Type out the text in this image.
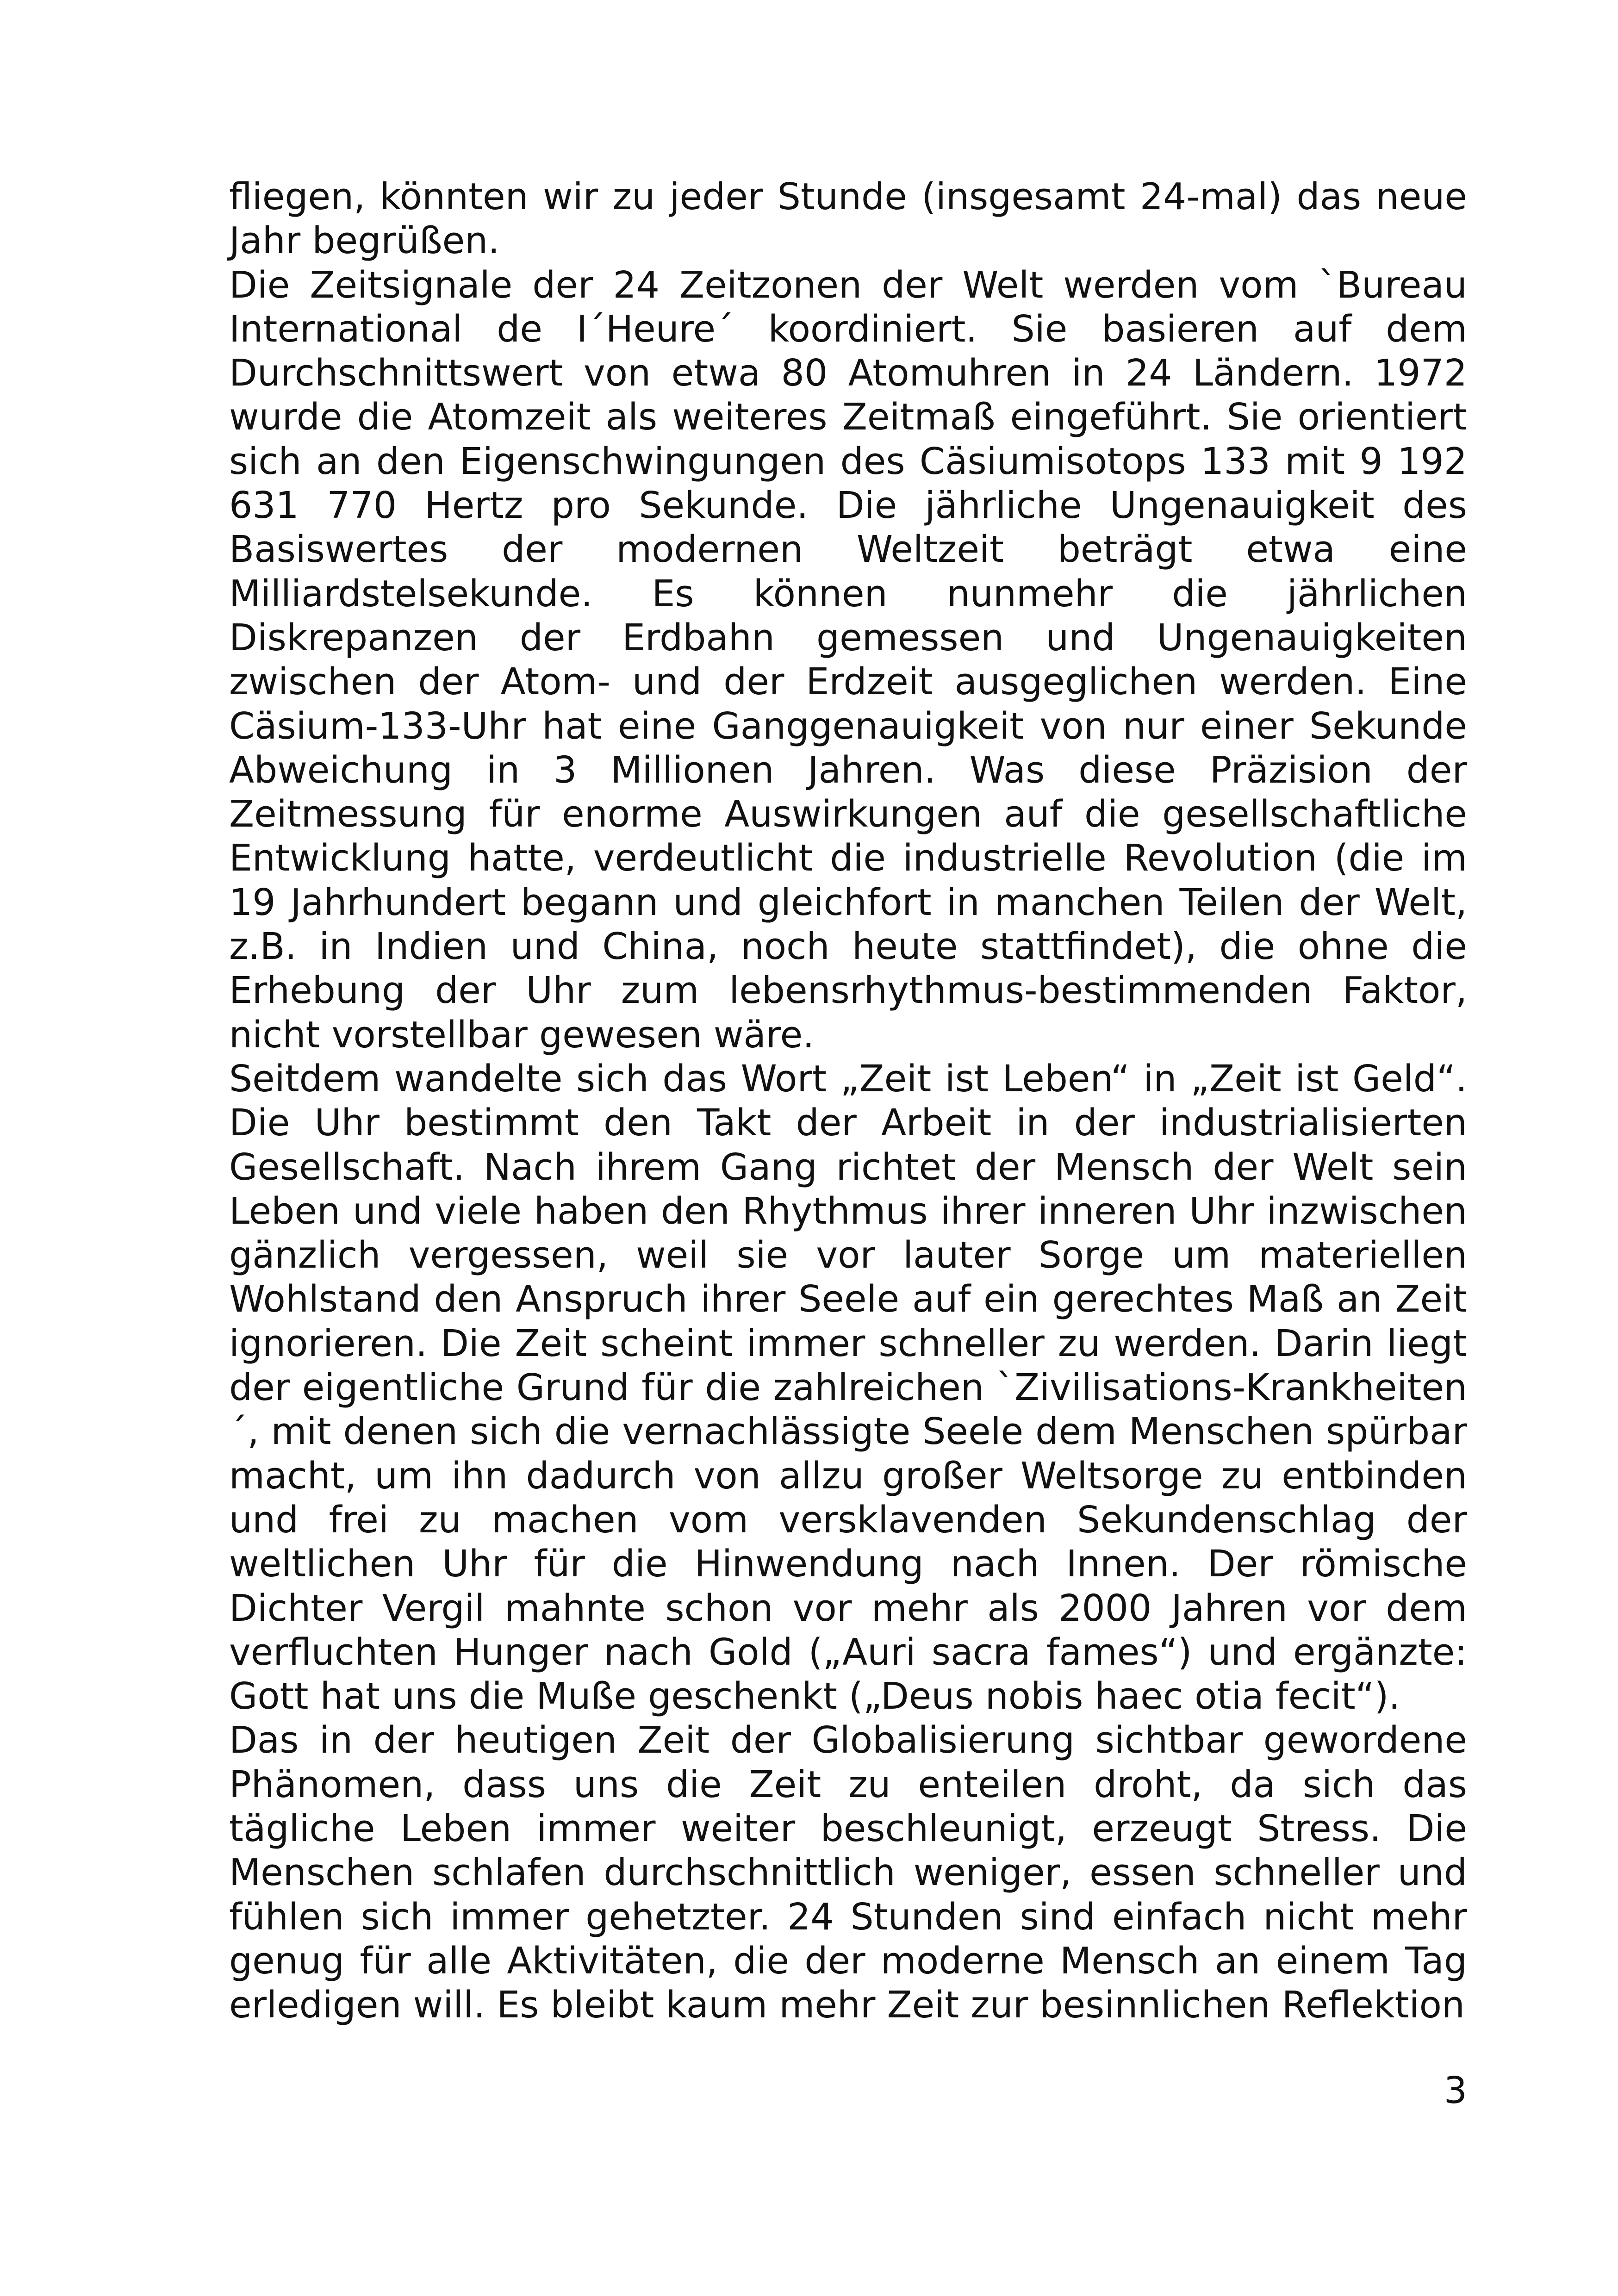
fliegen, könnten wir zu jeder Stunde (insgesamt 24-mal) das neue Jahr begrüßen.

Die Zeitsignale der 24 Zeitzonen der Welt werden vom `Bureau International de I´Heure´ koordiniert. Sie basieren auf dem Durchschnittswert von etwa 80 Atomuhren in 24 Ländern. 1972 wurde die Atomzeit als weiteres Zeitmaß eingeführt. Sie orientiert sich an den Eigenschwingungen des Cäsiumisotops 133 mit 9 192 631 770 Hertz pro Sekunde. Die jährliche Ungenauigkeit des Basiswertes der modernen Weltzeit beträgt etwa eine Milliardstelsekunde. Es können nunmehr die jährlichen Diskrepanzen der Erdbahn gemessen und Ungenauigkeiten zwischen der Atom- und der Erdzeit ausgeglichen werden. Eine Cäsium-133-Uhr hat eine Ganggenauigkeit von nur einer Sekunde Abweichung in 3 Millionen Jahren. Was diese Präzision der Zeitmessung für enorme Auswirkungen auf die gesellschaftliche Entwicklung hatte, verdeutlicht die industrielle Revolution (die im 19 Jahrhundert begann und gleichfort in manchen Teilen der Welt, z.B. in Indien und China, noch heute stattfindet), die ohne die Erhebung der Uhr zum lebensrhythmus-bestimmenden Faktor, nicht vorstellbar gewesen wäre.

Seitdem wandelte sich das Wort „Zeit ist Leben“ in „Zeit ist Geld“. Die Uhr bestimmt den Takt der Arbeit in der industrialisierten Gesellschaft. Nach ihrem Gang richtet der Mensch der Welt sein Leben und viele haben den Rhythmus ihrer inneren Uhr inzwischen gänzlich vergessen, weil sie vor lauter Sorge um materiellen Wohlstand den Anspruch ihrer Seele auf ein gerechtes Maß an Zeit ignorieren. Die Zeit scheint immer schneller zu werden. Darin liegt der eigentliche Grund für die zahlreichen `Zivilisations-Krankheiten´, mit denen sich die vernachlässigte Seele dem Menschen spürbar macht, um ihn dadurch von allzu großer Weltsorge zu entbinden und frei zu machen vom versklavenden Sekundenschlag der weltlichen Uhr für die Hinwendung nach Innen. Der römische Dichter Vergil mahnte schon vor mehr als 2000 Jahren vor dem verfluchten Hunger nach Gold („Auri sacra fames“) und ergänzte: Gott hat uns die Muße geschenkt („Deus nobis haec otia fecit“).

Das in der heutigen Zeit der Globalisierung sichtbar gewordene Phänomen, dass uns die Zeit zu enteilen droht, da sich das tägliche Leben immer weiter beschleunigt, erzeugt Stress. Die Menschen schlafen durchschnittlich weniger, essen schneller und fühlen sich immer gehetzter. 24 Stunden sind einfach nicht mehr genug für alle Aktivitäten, die der moderne Mensch an einem Tag erledigen will. Es bleibt kaum mehr Zeit zur besinnlichen Reflektion

3
